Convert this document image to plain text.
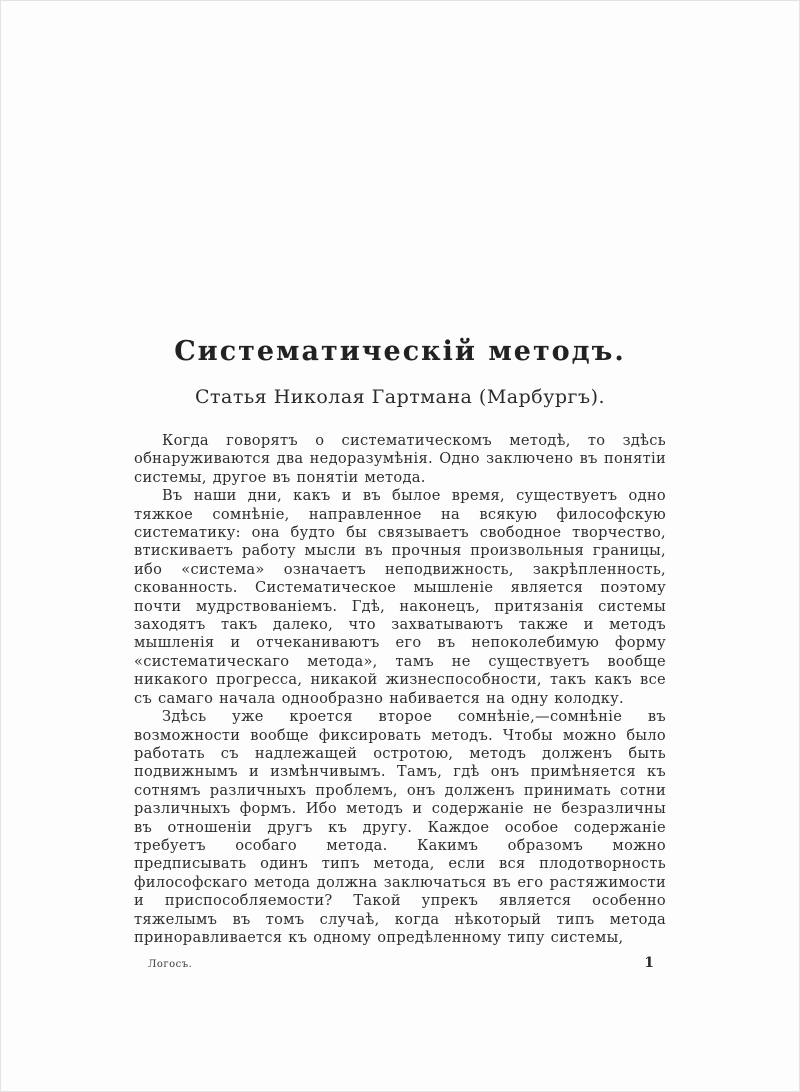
Систематическій методъ.
Статья Николая Гартмана (Марбургъ).

Когда говорятъ о систематическомъ методѣ, то здѣсь обнаруживаются два недоразумѣнія. Одно заключено въ понятіи системы, другое въ понятіи метода.

Въ наши дни, какъ и въ былое время, существуетъ одно тяжкое сомнѣніе, направленное на всякую философскую систематику: она будто бы связываетъ свободное творчество, втискиваетъ работу мысли въ прочныя произвольныя границы, ибо «система» означаетъ неподвижность, закрѣпленность, скованность. Систематическое мышленіе является поэтому почти мудрствованіемъ. Гдѣ, наконецъ, притязанія системы заходятъ такъ далеко, что захватываютъ также и методъ мышленія и отчеканиваютъ его въ непоколебимую форму «систематическаго метода», тамъ не существуетъ вообще никакого прогресса, никакой жизнеспособности, такъ какъ все съ самаго начала однообразно набивается на одну колодку.

Здѣсь уже кроется второе сомнѣніе,—сомнѣніе въ возможности вообще фиксировать методъ. Чтобы можно было работать съ надлежащей остротою, методъ долженъ быть подвижнымъ и измѣнчивымъ. Тамъ, гдѣ онъ примѣняется къ сотнямъ различныхъ проблемъ, онъ долженъ принимать сотни различныхъ формъ. Ибо методъ и содержаніе не безразличны въ отношеніи другъ къ другу. Каждое особое содержаніе требуетъ особаго метода. Какимъ образомъ можно предписывать одинъ типъ метода, если вся плодотворность философскаго метода должна заключаться въ его растяжимости и приспособляемости? Такой упрекъ является особенно тяжелымъ въ томъ случаѣ, когда нѣкоторый типъ метода приноравливается къ одному опредѣленному типу системы,

Логосъ.	1
